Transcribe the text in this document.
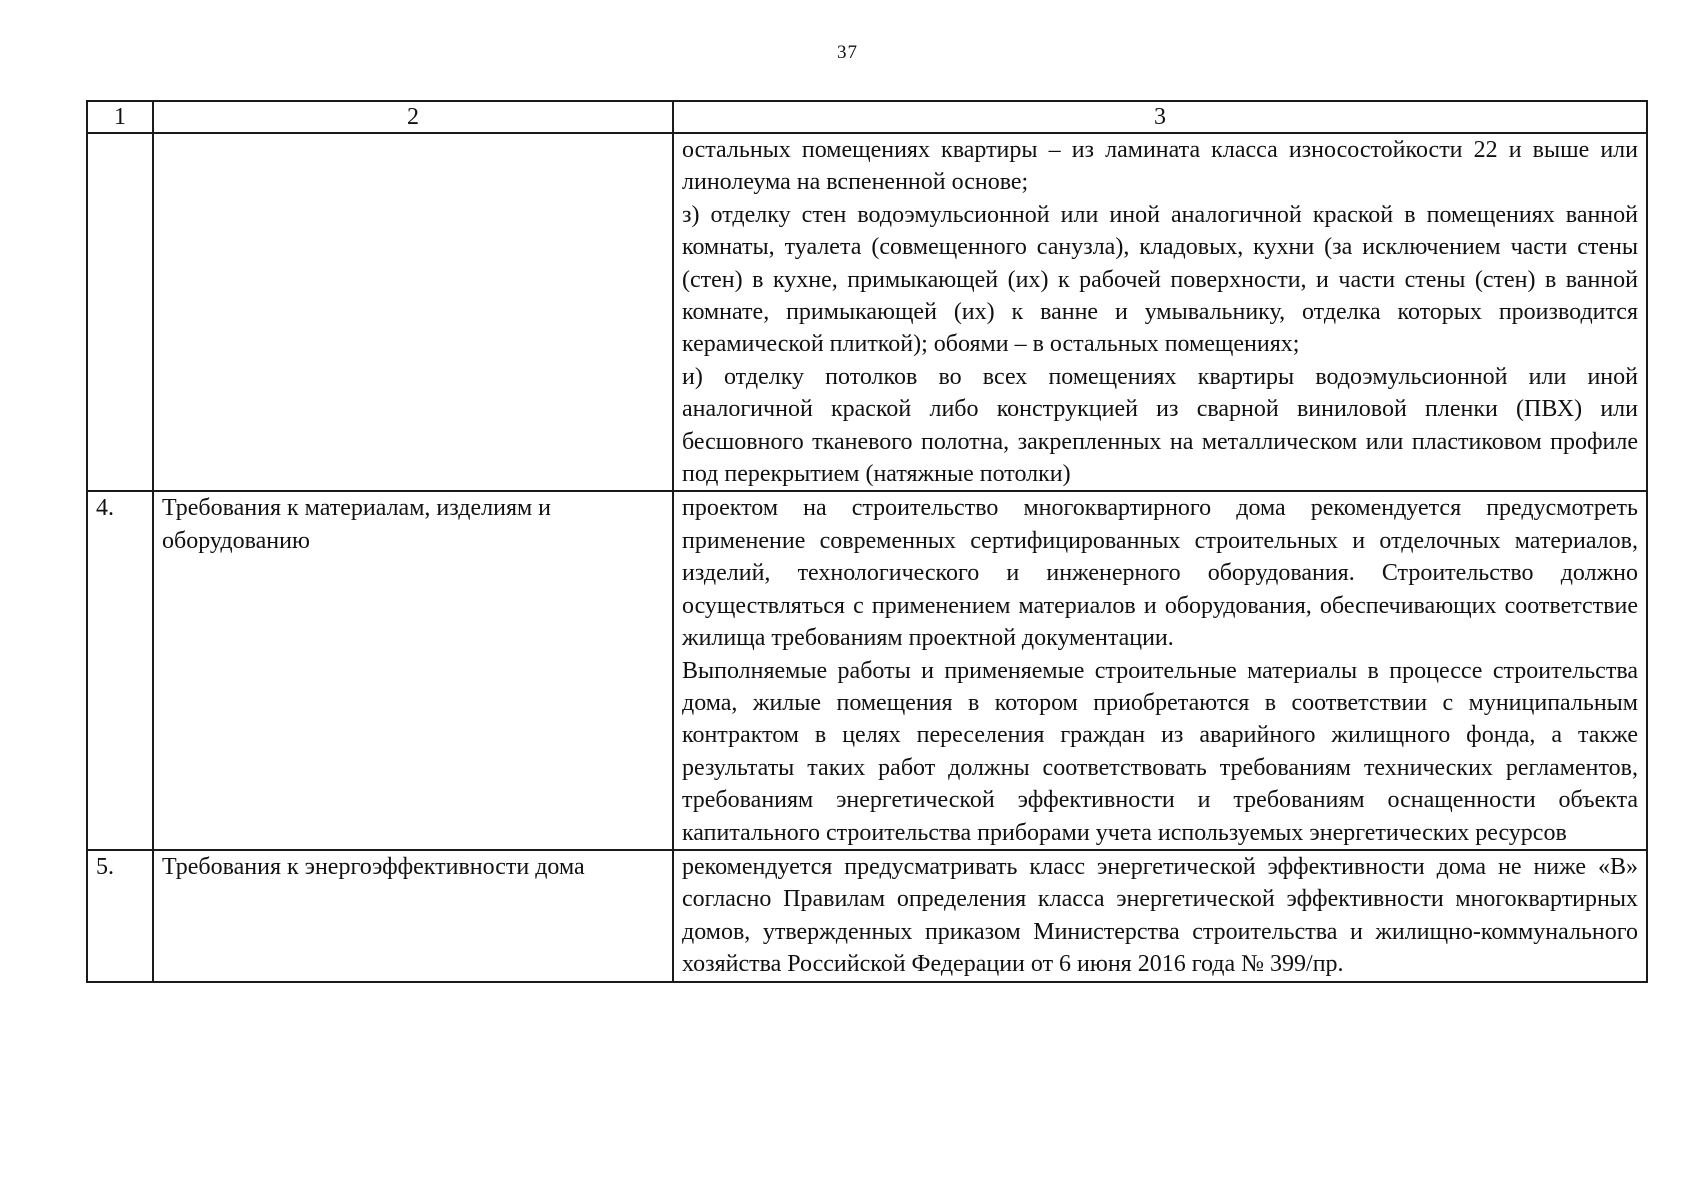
37
1	2	3

		остальных помещениях квартиры – из ламината класса износостойкости 22 и выше или линолеума на вспененной основе;

з) отделку стен водоэмульсионной или иной аналогичной краской в помещениях ванной комнаты, туалета (совмещенного санузла), кладовых, кухни (за исключением части стены (стен) в кухне, примыкающей (их) к рабочей поверхности, и части стены (стен) в ванной комнате, примыкающей (их) к ванне и умывальнику, отделка которых производится керамической плиткой); обоями – в остальных помещениях;

и) отделку потолков во всех помещениях квартиры водоэмульсионной или иной аналогичной краской либо конструкцией из сварной виниловой пленки (ПВХ) или бесшовного тканевого полотна, закрепленных на металлическом или пластиковом профиле под перекрытием (натяжные потолки)

4.	Требования к материалам, изделиям и оборудованию	проектом на строительство многоквартирного дома рекомендуется предусмотреть применение современных сертифицированных строительных и отделочных материалов, изделий, технологического и инженерного оборудования. Строительство должно осуществляться с применением материалов и оборудования, обеспечивающих соответствие жилища требованиям проектной документации.

Выполняемые работы и применяемые строительные материалы в процессе строительства дома, жилые помещения в котором приобретаются в соответствии с муниципальным контрактом в целях переселения граждан из аварийного жилищного фонда, а также результаты таких работ должны соответствовать требованиям технических регламентов, требованиям энергетической эффективности и требованиям оснащенности объекта капитального строительства приборами учета используемых энергетических ресурсов

5.	Требования к энергоэффективности дома	рекомендуется предусматривать класс энергетической эффективности дома не ниже «В» согласно Правилам определения класса энергетической эффективности многоквартирных домов, утвержденных приказом Министерства строительства и жилищно-коммунального хозяйства Российской Федерации от 6 июня 2016 года № 399/пр.
